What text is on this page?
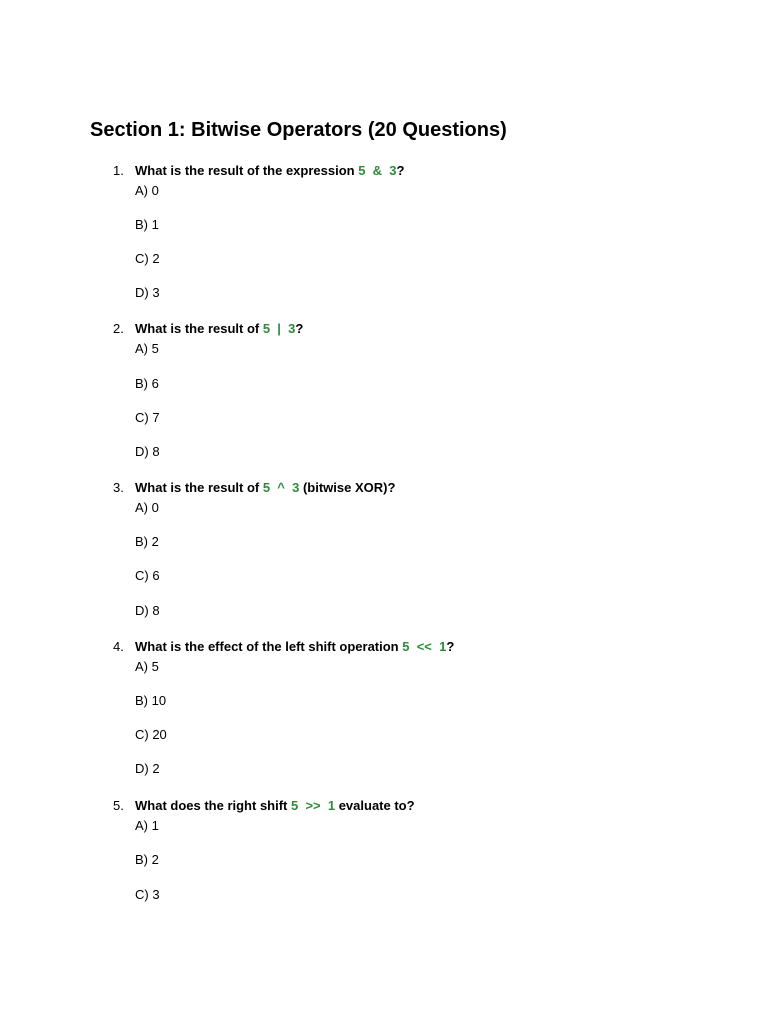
Section 1: Bitwise Operators (20 Questions)
1. What is the result of the expression 5  &  3?
A) 0
B) 1
C) 2
D) 3
2. What is the result of 5  |  3?
A) 5
B) 6
C) 7
D) 8
3. What is the result of 5  ^  3 (bitwise XOR)?
A) 0
B) 2
C) 6
D) 8
4. What is the effect of the left shift operation 5  <<  1?
A) 5
B) 10
C) 20
D) 2
5. What does the right shift 5  >>  1 evaluate to?
A) 1
B) 2
C) 3
